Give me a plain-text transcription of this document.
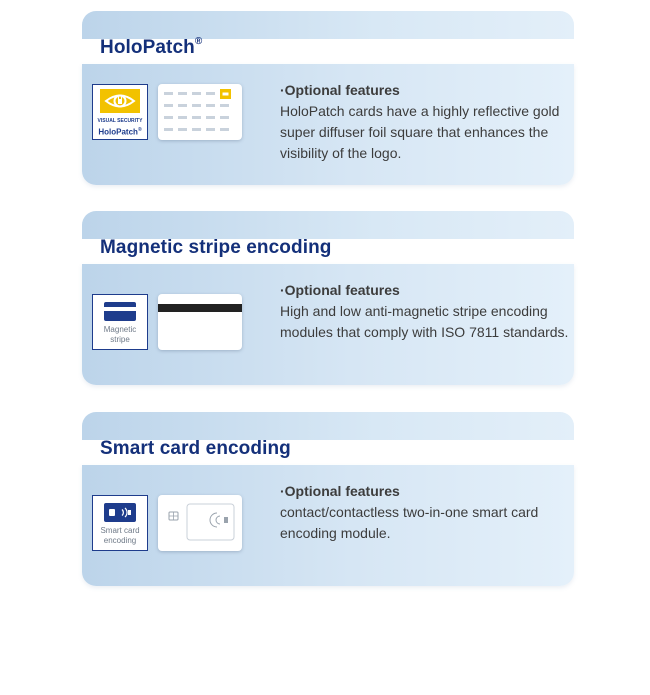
HoloPatch®
VISUAL SECURITY
HoloPatch®
·Optional features
HoloPatch cards have a highly reflective gold super diffuser foil square that enhances the visibility of the logo.
Magnetic stripe encoding
Magnetic
stripe
·Optional features
High and low anti-magnetic stripe encoding modules that comply with ISO 7811 standards.
Smart card encoding
Smart card
encoding
·Optional features
contact/contactless two-in-one smart card encoding module.
